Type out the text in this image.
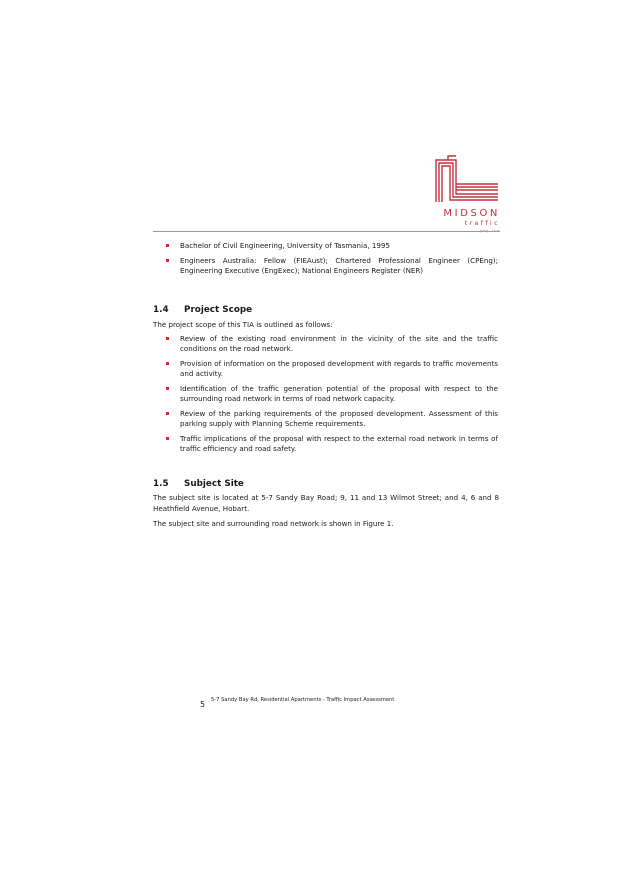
MIDSON
traffic
Bachelor of Civil Engineering, University of Tasmania, 1995
Engineers Australia: Fellow (FIEAust); Chartered Professional Engineer (CPEng); Engineering Executive (EngExec); National Engineers Register (NER)
1.4 Project Scope

The project scope of this TIA is outlined as follows:

Review of the existing road environment in the vicinity of the site and the traffic conditions on the road network.
Provision of information on the proposed development with regards to traffic movements and activity.
Identification of the traffic generation potential of the proposal with respect to the surrounding road network in terms of road network capacity.
Review of the parking requirements of the proposed development. Assessment of this parking supply with Planning Scheme requirements.
Traffic implications of the proposal with respect to the external road network in terms of traffic efficiency and road safety.
1.5 Subject Site

The subject site is located at 5-7 Sandy Bay Road; 9, 11 and 13 Wilmot Street; and 4, 6 and 8 Heathfield Avenue, Hobart.

The subject site and surrounding road network is shown in Figure 1.

5 5-7 Sandy Bay Rd, Residential Apartments - Traffic Impact Assessment
